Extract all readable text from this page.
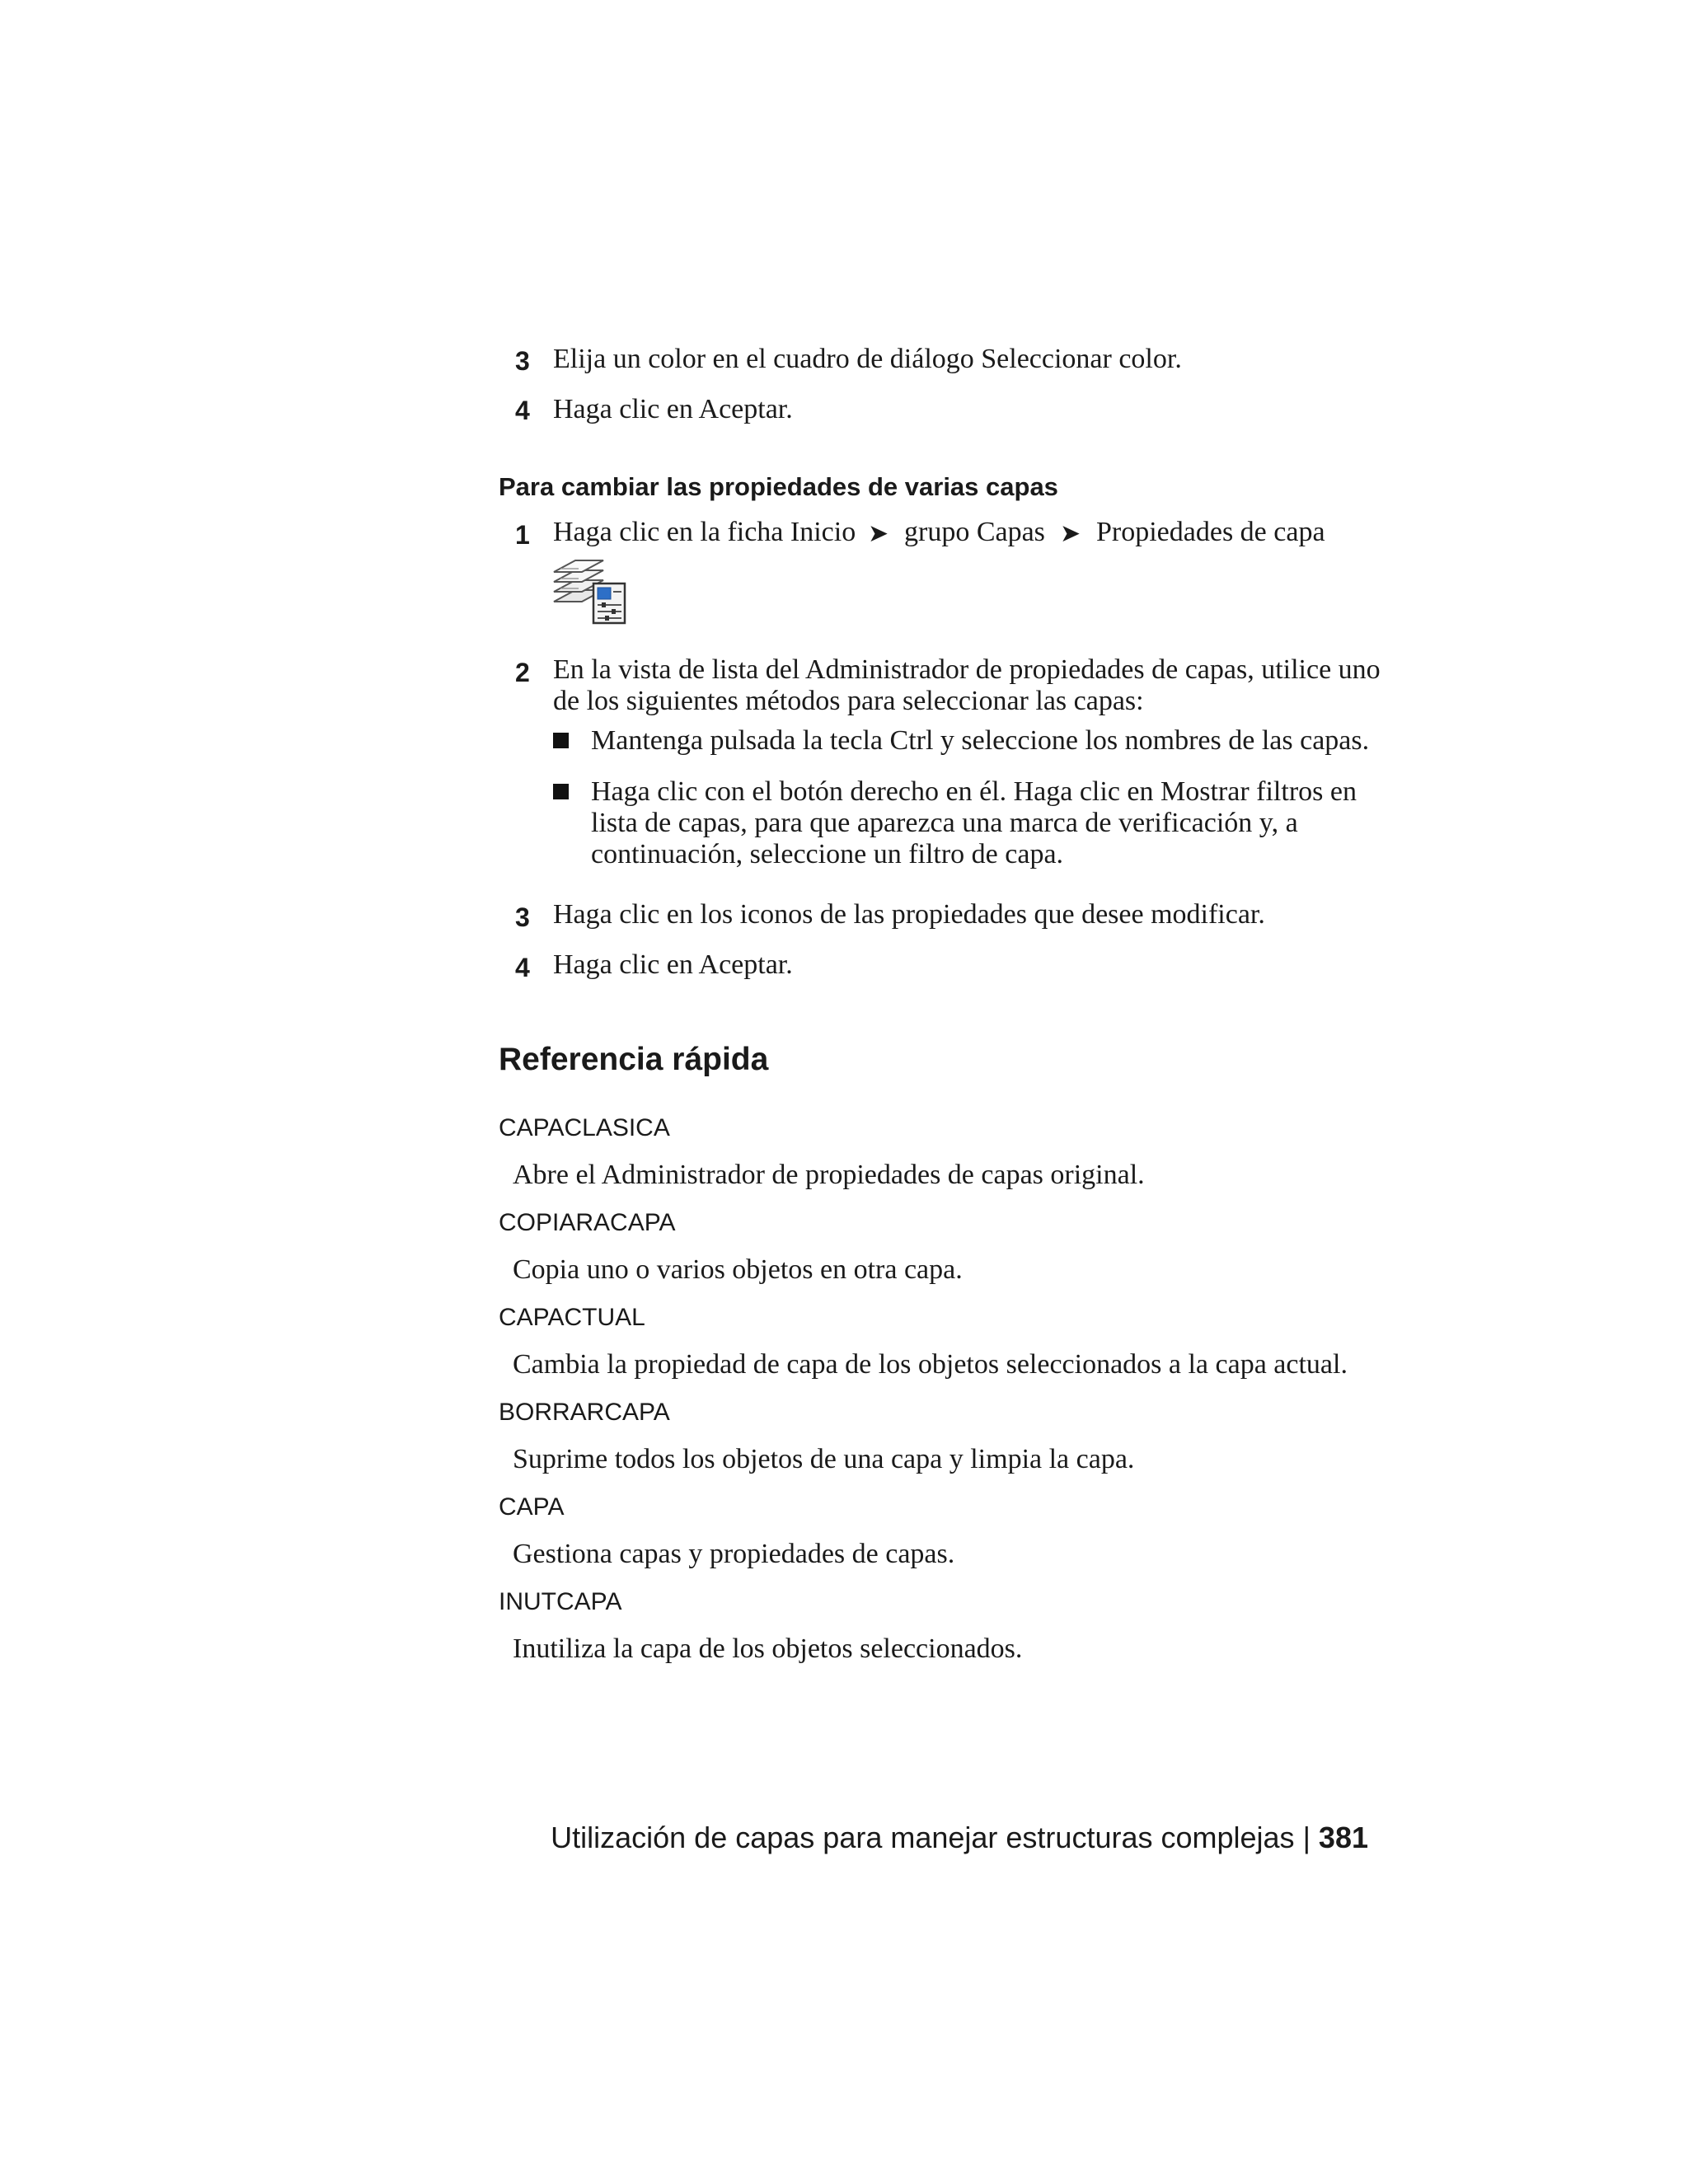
3 Elija un color en el cuadro de diálogo Seleccionar color.
4 Haga clic en Aceptar.
Para cambiar las propiedades de varias capas
1 Haga clic en la ficha Inicio ➤ grupo Capas ➤ Propiedades de capa
2 En la vista de lista del Administrador de propiedades de capas, utilice uno
de los siguientes métodos para seleccionar las capas:
Mantenga pulsada la tecla Ctrl y seleccione los nombres de las capas.
Haga clic con el botón derecho en él. Haga clic en Mostrar filtros en
lista de capas, para que aparezca una marca de verificación y, a
continuación, seleccione un filtro de capa.
3 Haga clic en los iconos de las propiedades que desee modificar.
4 Haga clic en Aceptar.
Referencia rápida
CAPACLASICA
Abre el Administrador de propiedades de capas original.
COPIARACAPA
Copia uno o varios objetos en otra capa.
CAPACTUAL
Cambia la propiedad de capa de los objetos seleccionados a la capa actual.
BORRARCAPA
Suprime todos los objetos de una capa y limpia la capa.
CAPA
Gestiona capas y propiedades de capas.
INUTCAPA
Inutiliza la capa de los objetos seleccionados.
Utilización de capas para manejar estructuras complejas | 381
